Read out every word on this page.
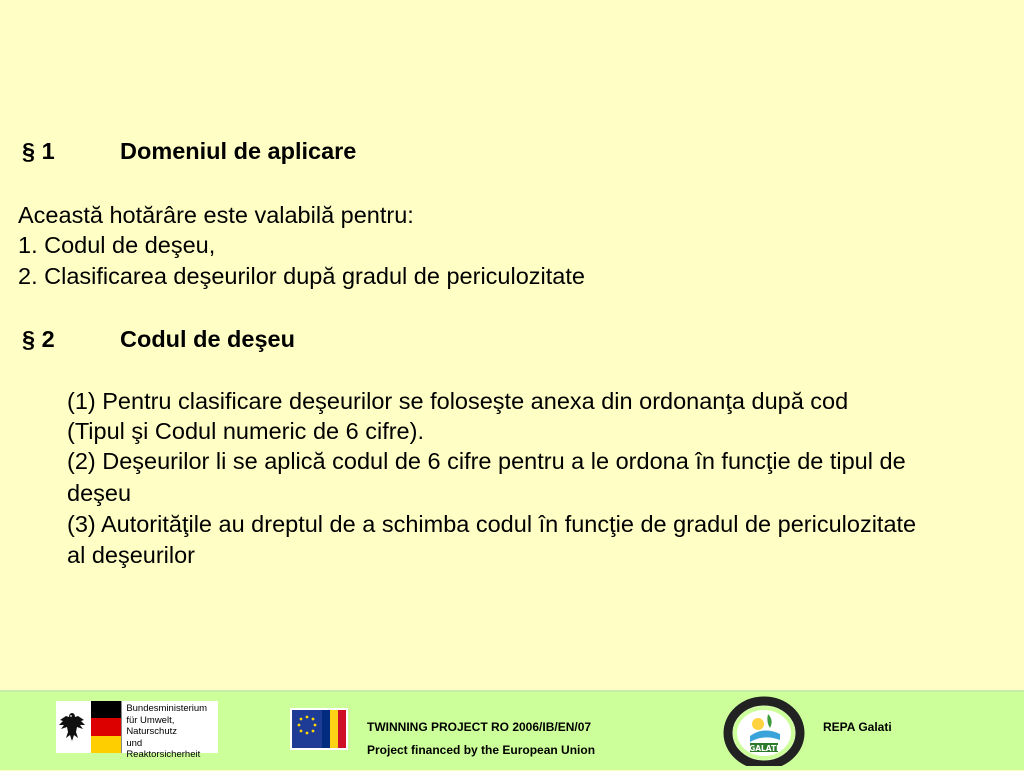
§ 1	Domeniul de aplicare
Această hotărâre este valabilă pentru:
1. Codul de deşeu,
2. Clasificarea deşeurilor după gradul de periculozitate
§ 2	Codul de deşeu
(1) Pentru clasificare deşeurilor se foloseşte anexa din ordonanţa după cod
(Tipul şi Codul numeric de 6 cifre).
(2) Deşeurilor li se aplică codul de 6 cifre pentru a le ordona în funcţie de tipul de
deşeu
(3) Autorităţile au dreptul de a schimba codul în funcţie de gradul de periculozitate
al deşeurilor
Bundesministerium
für Umwelt, Naturschutz
und Reaktorsicherheit
TWINNING PROJECT RO 2006/IB/EN/07
Project financed by the European Union	GALATI
REPA Galati
